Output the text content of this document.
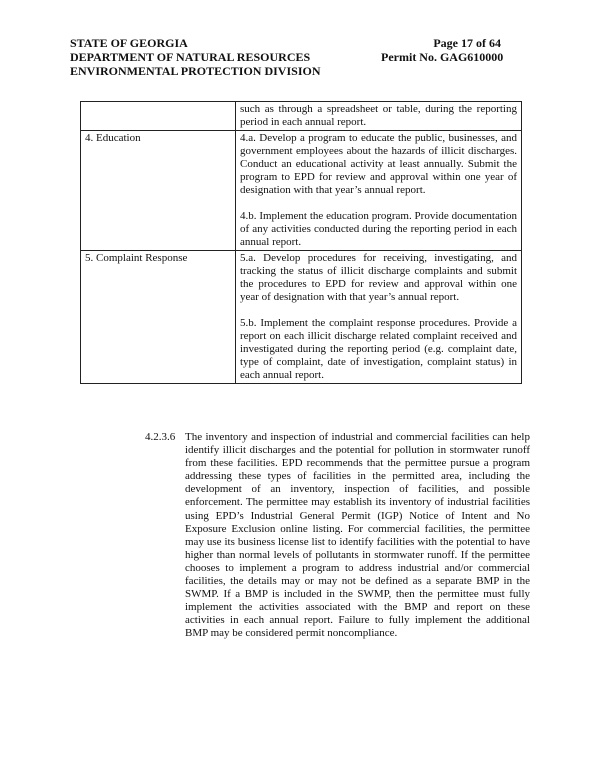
STATE OF GEORGIA
DEPARTMENT OF NATURAL RESOURCES
ENVIRONMENTAL PROTECTION DIVISION
Page 17 of 64
Permit No. GAG610000

	such as through a spreadsheet or table, during the reporting period in each annual report.

4. Education	4.a. Develop a program to educate the public, businesses, and government employees about the hazards of illicit discharges. Conduct an educational activity at least annually. Submit the program to EPD for review and approval within one year of designation with that year’s annual report.
4.b. Implement the education program. Provide documentation of any activities conducted during the reporting period in each annual report.

5. Complaint Response	5.a. Develop procedures for receiving, investigating, and tracking the status of illicit discharge complaints and submit the procedures to EPD for review and approval within one year of designation with that year’s annual report.
5.b. Implement the complaint response procedures. Provide a report on each illicit discharge related complaint received and investigated during the reporting period (e.g. complaint date, type of complaint, date of investigation, complaint status) in each annual report.
4.2.3.6 The inventory and inspection of industrial and commercial facilities can help identify illicit discharges and the potential for pollution in stormwater runoff from these facilities. EPD recommends that the permittee pursue a program addressing these types of facilities in the permitted area, including the development of an inventory, inspection of facilities, and possible enforcement. The permittee may establish its inventory of industrial facilities using EPD’s Industrial General Permit (IGP) Notice of Intent and No Exposure Exclusion online listing. For commercial facilities, the permittee may use its business license list to identify facilities with the potential to have higher than normal levels of pollutants in stormwater runoff. If the permittee chooses to implement a program to address industrial and/or commercial facilities, the details may or may not be defined as a separate BMP in the SWMP. If a BMP is included in the SWMP, then the permittee must fully implement the activities associated with the BMP and report on these activities in each annual report. Failure to fully implement the additional BMP may be considered permit noncompliance.
